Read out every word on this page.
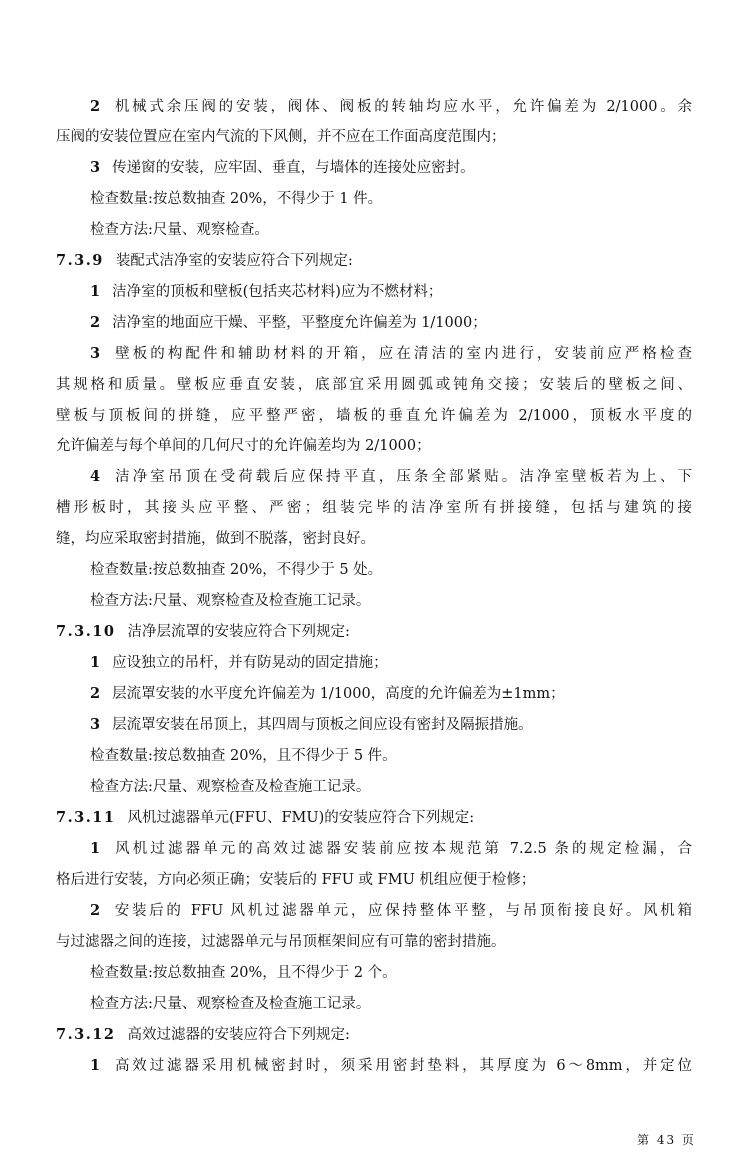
2 机械式余压阀的安装，阀体、阀板的转轴均应水平，允许偏差为 2/1000。余
压阀的安装位置应在室内气流的下风侧，并不应在工作面高度范围内；
3 传递窗的安装，应牢固、垂直，与墙体的连接处应密封。
检查数量:按总数抽查 20%，不得少于 1 件。
检查方法:尺量、观察检查。
7.3.9 装配式洁净室的安装应符合下列规定:
1 洁净室的顶板和壁板(包括夹芯材料)应为不燃材料；
2 洁净室的地面应干燥、平整，平整度允许偏差为 1/1000；
3 壁板的构配件和辅助材料的开箱，应在清洁的室内进行，安装前应严格检查
其规格和质量。壁板应垂直安装，底部宜采用圆弧或钝角交接；安装后的壁板之间、
壁板与顶板间的拼缝，应平整严密，墙板的垂直允许偏差为 2/1000，顶板水平度的
允许偏差与每个单间的几何尺寸的允许偏差均为 2/1000；
4 洁净室吊顶在受荷载后应保持平直，压条全部紧贴。洁净室壁板若为上、下
槽形板时，其接头应平整、严密；组装完毕的洁净室所有拼接缝，包括与建筑的接
缝，均应采取密封措施，做到不脱落，密封良好。
检查数量:按总数抽查 20%，不得少于 5 处。
检查方法:尺量、观察检查及检查施工记录。
7.3.10 洁净层流罩的安装应符合下列规定:
1 应设独立的吊杆，并有防晃动的固定措施；
2 层流罩安装的水平度允许偏差为 1/1000，高度的允许偏差为±1mm；
3 层流罩安装在吊顶上，其四周与顶板之间应设有密封及隔振措施。
检查数量:按总数抽查 20%，且不得少于 5 件。
检查方法:尺量、观察检查及检查施工记录。
7.3.11 风机过滤器单元(FFU、FMU)的安装应符合下列规定:
1 风机过滤器单元的高效过滤器安装前应按本规范第 7.2.5 条的规定检漏，合
格后进行安装，方向必须正确；安装后的 FFU 或 FMU 机组应便于检修；
2 安装后的 FFU 风机过滤器单元，应保持整体平整，与吊顶衔接良好。风机箱
与过滤器之间的连接，过滤器单元与吊顶框架间应有可靠的密封措施。
检查数量:按总数抽查 20%，且不得少于 2 个。
检查方法:尺量、观察检查及检查施工记录。
7.3.12 高效过滤器的安装应符合下列规定:
1 高效过滤器采用机械密封时，须采用密封垫料，其厚度为 6～8mm，并定位
第 43 页
